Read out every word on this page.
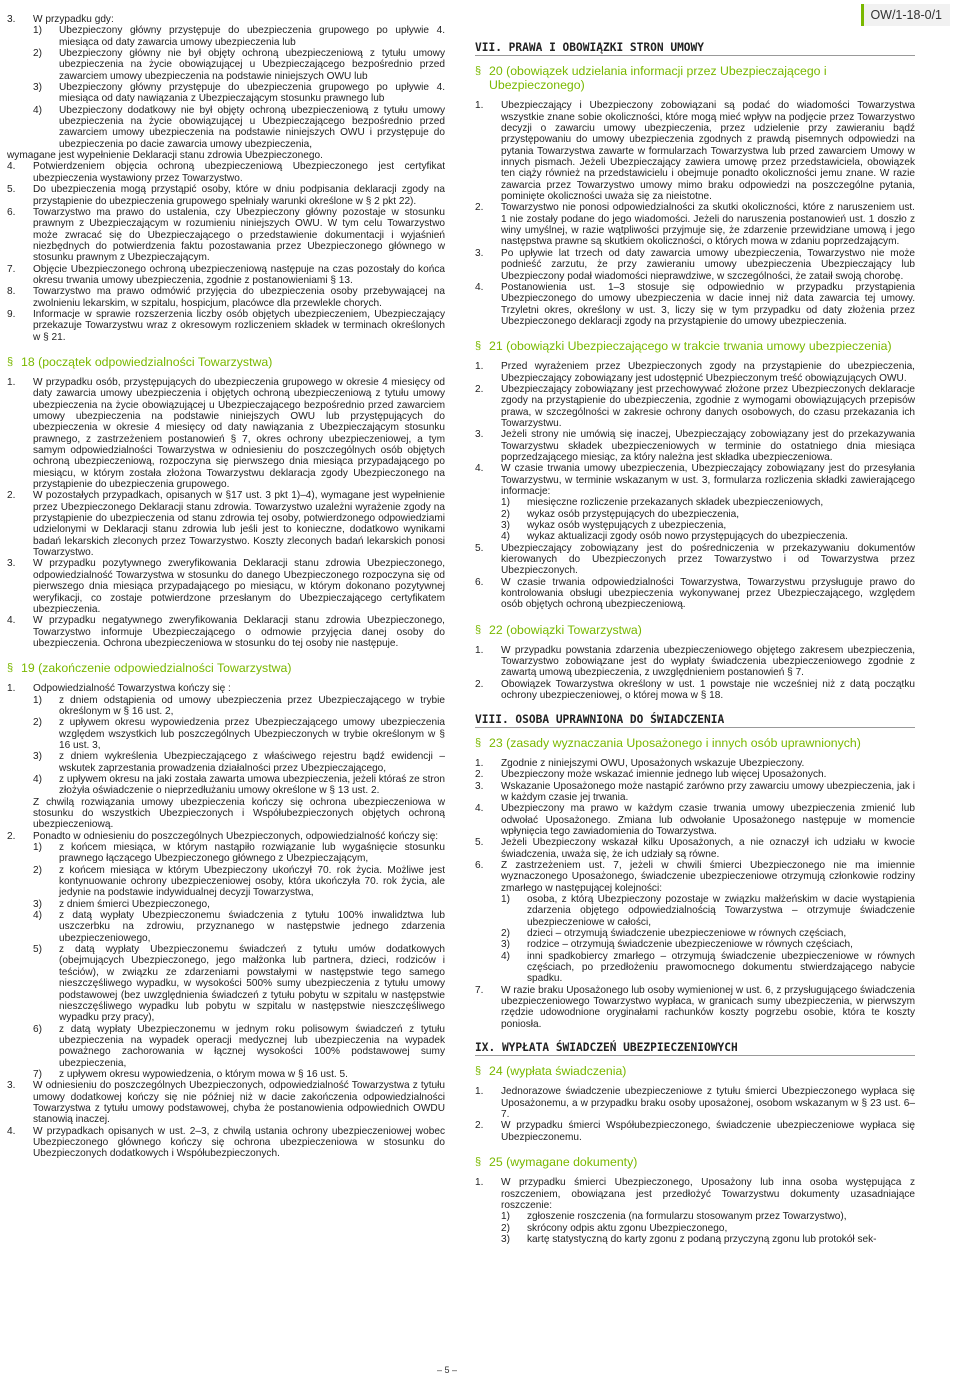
OW/1-18-0/1
3.	W przypadku gdy:
1)	Ubezpieczony główny przystępuje do ubezpieczenia grupowego po upływie 4. miesiąca od daty zawarcia umowy ubezpieczenia lub
2)	Ubezpieczony główny nie był objęty ochroną ubezpieczeniową z tytułu umowy ubezpieczenia na życie obowiązującej u Ubezpieczającego bezpośrednio przed zawarciem umowy ubezpieczenia na podstawie niniejszych OWU lub
3)	Ubezpieczony główny przystępuje do ubezpieczenia grupowego po upływie 4. miesiąca od daty nawiązania z Ubezpieczającym stosunku prawnego lub
4)	Ubezpieczony dodatkowy nie był objęty ochroną ubezpieczeniową z tytułu umowy ubezpieczenia na życie obowiązującej u Ubezpieczającego bezpośrednio przed zawarciem umowy ubezpieczenia na podstawie niniejszych OWU i przystępuje do ubezpieczenia po dacie zawarcia umowy ubezpieczenia,

wymagane jest wypełnienie Deklaracji stanu zdrowia Ubezpieczonego.

4.	Potwierdzeniem objęcia ochroną ubezpieczeniową Ubezpieczonego jest certyfikat ubezpieczenia wystawiony przez Towarzystwo.
5.	Do ubezpieczenia mogą przystąpić osoby, które w dniu podpisania deklaracji zgody na przystąpienie do ubezpieczenia grupowego spełniały warunki określone w § 2 pkt 22).
6.	Towarzystwo ma prawo do ustalenia, czy Ubezpieczony główny pozostaje w stosunku prawnym z Ubezpieczającym w rozumieniu niniejszych OWU. W tym celu Towarzystwo może zwracać się do Ubezpieczającego o przedstawienie dokumentacji i wyjaśnień niezbędnych do potwierdzenia faktu pozostawania przez Ubezpieczonego głównego w stosunku prawnym z Ubezpieczającym.
7.	Objęcie Ubezpieczonego ochroną ubezpieczeniową następuje na czas pozostały do końca okresu trwania umowy ubezpieczenia, zgodnie z postanowieniami § 13.
8.	Towarzystwo ma prawo odmówić przyjęcia do ubezpieczenia osoby przebywającej na zwolnieniu lekarskim, w szpitalu, hospicjum, placówce dla przewlekle chorych.
9.	Informacje w sprawie rozszerzenia liczby osób objętych ubezpieczeniem, Ubezpieczający przekazuje Towarzystwu wraz z okresowym rozliczeniem składek w terminach określonych w § 21.
§ 18 (początek odpowiedzialności Towarzystwa)
1.	W przypadku osób, przystępujących do ubezpieczenia grupowego w okresie 4 miesięcy od daty zawarcia umowy ubezpieczenia i objętych ochroną ubezpieczeniową z tytułu umowy ubezpieczenia na życie obowiązującej u Ubezpieczającego bezpośrednio przed zawarciem umowy ubezpieczenia na podstawie niniejszych OWU lub przystępujących do ubezpieczenia w okresie 4 miesięcy od daty nawiązania z Ubezpieczającym stosunku prawnego, z zastrzeżeniem postanowień § 7, okres ochrony ubezpieczeniowej, a tym samym odpowiedzialności Towarzystwa w odniesieniu do poszczególnych osób objętych ochroną ubezpieczeniową, rozpoczyna się pierwszego dnia miesiąca przypadającego po miesiącu, w którym została złożona Towarzystwu deklaracja zgody Ubezpieczonego na przystąpienie do ubezpieczenia grupowego.
2.	W pozostałych przypadkach, opisanych w §17 ust. 3 pkt 1)–4), wymagane jest wypełnienie przez Ubezpieczonego Deklaracji stanu zdrowia. Towarzystwo uzależni wyrażenie zgody na przystąpienie do ubezpieczenia od stanu zdrowia tej osoby, potwierdzonego odpowiedziami udzielonymi w Deklaracji stanu zdrowia lub jeśli jest to konieczne, dodatkowo wynikami badań lekarskich zleconych przez Towarzystwo. Koszty zleconych badań lekarskich ponosi Towarzystwo.
3.	W przypadku pozytywnego zweryfikowania Deklaracji stanu zdrowia Ubezpieczonego, odpowiedzialność Towarzystwa w stosunku do danego Ubezpieczonego rozpoczyna się od pierwszego dnia miesiąca przypadającego po miesiącu, w którym dokonano pozytywnej weryfikacji, co zostaje potwierdzone przesłanym do Ubezpieczającego certyfikatem ubezpieczenia.
4.	W przypadku negatywnego zweryfikowania Deklaracji stanu zdrowia Ubezpieczonego, Towarzystwo informuje Ubezpieczającego o odmowie przyjęcia danej osoby do ubezpieczenia. Ochrona ubezpieczeniowa w stosunku do tej osoby nie następuje.
§ 19 (zakończenie odpowiedzialności Towarzystwa)
1.	Odpowiedzialność Towarzystwa kończy się :
1)	z dniem odstąpienia od umowy ubezpieczenia przez Ubezpieczającego w trybie określonym w § 16 ust. 2,
2)	z upływem okresu wypowiedzenia przez Ubezpieczającego umowy ubezpieczenia względem wszystkich lub poszczególnych Ubezpieczonych w trybie określonym w § 16 ust. 3,
3)	z dniem wykreślenia Ubezpieczającego z właściwego rejestru bądź ewidencji – wskutek zaprzestania prowadzenia działalności przez Ubezpieczającego,
4)	z upływem okresu na jaki została zawarta umowa ubezpieczenia, jeżeli któraś ze stron złożyła oświadczenie o nieprzedłużaniu umowy określone w § 13 ust. 2.

Z chwilą rozwiązania umowy ubezpieczenia kończy się ochrona ubezpieczeniowa w stosunku do wszystkich Ubezpieczonych i Współubezpieczonych objętych ochroną ubezpieczeniową.

2.	Ponadto w odniesieniu do poszczególnych Ubezpieczonych, odpowiedzialność kończy się:
1)	z końcem miesiąca, w którym nastąpiło rozwiązanie lub wygaśnięcie stosunku prawnego łączącego Ubezpieczonego głównego z Ubezpieczającym,
2)	z końcem miesiąca w którym Ubezpieczony ukończył 70. rok życia. Możliwe jest kontynuowanie ochrony ubezpieczeniowej osoby, która ukończyła 70. rok życia, ale jedynie na podstawie indywidualnej decyzji Towarzystwa,
3)	z dniem śmierci Ubezpieczonego,
4)	z datą wypłaty Ubezpieczonemu świadczenia z tytułu 100% inwalidztwa lub uszczerbku na zdrowiu, przyznanego w następstwie jednego zdarzenia ubezpieczeniowego,
5)	z datą wypłaty Ubezpieczonemu świadczeń z tytułu umów dodatkowych (obejmujących Ubezpieczonego, jego małżonka lub partnera, dzieci, rodziców i teściów), w związku ze zdarzeniami powstałymi w następstwie tego samego nieszczęśliwego wypadku, w wysokości 500% sumy ubezpieczenia z tytułu umowy podstawowej (bez uwzględnienia świadczeń z tytułu pobytu w szpitalu w następstwie nieszczęśliwego wypadku lub pobytu w szpitalu w następstwie nieszczęśliwego wypadku przy pracy),
6)	z datą wypłaty Ubezpieczonemu w jednym roku polisowym świadczeń z tytułu ubezpieczenia na wypadek operacji medycznej lub ubezpieczenia na wypadek poważnego zachorowania w łącznej wysokości 100% podstawowej sumy ubezpieczenia,
7)	z upływem okresu wypowiedzenia, o którym mowa w § 16 ust. 5.
3.	W odniesieniu do poszczególnych Ubezpieczonych, odpowiedzialność Towarzystwa z tytułu umowy dodatkowej kończy się nie później niż w dacie zakończenia odpowiedzialności Towarzystwa z tytułu umowy podstawowej, chyba że postanowienia odpowiednich OWDU stanowią inaczej.
4.	W przypadkach opisanych w ust. 2–3, z chwilą ustania ochrony ubezpieczeniowej wobec Ubezpieczonego głównego kończy się ochrona ubezpieczeniowa w stosunku do Ubezpieczonych dodatkowych i Współubezpieczonych.
VII. PRAWA I OBOWIĄZKI STRON UMOWY
§ 20 (obowiązek udzielania informacji przez Ubezpieczającego i Ubezpieczonego)
1.	Ubezpieczający i Ubezpieczony zobowiązani są podać do wiadomości Towarzystwa wszystkie znane sobie okoliczności, które mogą mieć wpływ na podjęcie przez Towarzystwo decyzji o zawarciu umowy ubezpieczenia, przez udzielenie przy zawieraniu bądź przystępowaniu do umowy ubezpieczenia zgodnych z prawdą pisemnych odpowiedzi na pytania Towarzystwa zawarte w formularzach Towarzystwa lub przed zawarciem Umowy w innych pismach. Jeżeli Ubezpieczający zawiera umowę przez przedstawiciela, obowiązek ten ciąży również na przedstawicielu i obejmuje ponadto okoliczności jemu znane. W razie zawarcia przez Towarzystwo umowy mimo braku odpowiedzi na poszczególne pytania, pominięte okoliczności uważa się za nieistotne.
2.	Towarzystwo nie ponosi odpowiedzialności za skutki okoliczności, które z naruszeniem ust. 1 nie zostały podane do jego wiadomości. Jeżeli do naruszenia postanowień ust. 1 doszło z winy umyślnej, w razie wątpliwości przyjmuje się, że zdarzenie przewidziane umową i jego następstwa prawne są skutkiem okoliczności, o których mowa w zdaniu poprzedzającym.
3.	Po upływie lat trzech od daty zawarcia umowy ubezpieczenia, Towarzystwo nie może podnieść zarzutu, że przy zawieraniu umowy ubezpieczenia Ubezpieczający lub Ubezpieczony podał wiadomości nieprawdziwe, w szczególności, że zataił swoją chorobę.
4.	Postanowienia ust. 1–3 stosuje się odpowiednio w przypadku przystąpienia Ubezpieczonego do umowy ubezpieczenia w dacie innej niż data zawarcia tej umowy. Trzyletni okres, określony w ust. 3, liczy się w tym przypadku od daty złożenia przez Ubezpieczonego deklaracji zgody na przystąpienie do umowy ubezpieczenia.
§ 21 (obowiązki Ubezpieczającego w trakcie trwania umowy ubezpieczenia)
1.	Przed wyrażeniem przez Ubezpieczonych zgody na przystąpienie do ubezpieczenia, Ubezpieczający zobowiązany jest udostępnić Ubezpieczonym treść obowiązujących OWU.
2.	Ubezpieczający zobowiązany jest przechowywać złożone przez Ubezpieczonych deklaracje zgody na przystąpienie do ubezpieczenia, zgodnie z wymogami obowiązujących przepisów prawa, w szczególności w zakresie ochrony danych osobowych, do czasu przekazania ich Towarzystwu.
3.	Jeżeli strony nie umówią się inaczej, Ubezpieczający zobowiązany jest do przekazywania Towarzystwu składek ubezpieczeniowych w terminie do ostatniego dnia miesiąca poprzedzającego miesiąc, za który należna jest składka ubezpieczeniowa.
4.	W czasie trwania umowy ubezpieczenia, Ubezpieczający zobowiązany jest do przesyłania Towarzystwu, w terminie wskazanym w ust. 3, formularza rozliczenia składki zawierającego informacje:
1)	miesięczne rozliczenie przekazanych składek ubezpieczeniowych,
2)	wykaz osób przystępujących do ubezpieczenia,
3)	wykaz osób występujących z ubezpieczenia,
4)	wykaz aktualizacji zgody osób nowo przystępujących do ubezpieczenia.
5.	Ubezpieczający zobowiązany jest do pośredniczenia w przekazywaniu dokumentów kierowanych do Ubezpieczonych przez Towarzystwo i od Towarzystwa przez Ubezpieczonych.
6.	W czasie trwania odpowiedzialności Towarzystwa, Towarzystwu przysługuje prawo do kontrolowania obsługi ubezpieczenia wykonywanej przez Ubezpieczającego, względem osób objętych ochroną ubezpieczeniową.
§ 22 (obowiązki Towarzystwa)
1.	W przypadku powstania zdarzenia ubezpieczeniowego objętego zakresem ubezpieczenia, Towarzystwo zobowiązane jest do wypłaty świadczenia ubezpieczeniowego zgodnie z zawartą umową ubezpieczenia, z uwzględnieniem postanowień § 7.
2.	Obowiązek Towarzystwa określony w ust. 1 powstaje nie wcześniej niż z datą początku ochrony ubezpieczeniowej, o której mowa w § 18.
VIII. OSOBA UPRAWNIONA DO ŚWIADCZENIA
§ 23 (zasady wyznaczania Uposażonego i innych osób uprawnionych)
1.	Zgodnie z niniejszymi OWU, Uposażonych wskazuje Ubezpieczony.
2.	Ubezpieczony może wskazać imiennie jednego lub więcej Uposażonych.
3.	Wskazanie Uposażonego może nastąpić zarówno przy zawarciu umowy ubezpieczenia, jak i w każdym czasie jej trwania.
4.	Ubezpieczony ma prawo w każdym czasie trwania umowy ubezpieczenia zmienić lub odwołać Uposażonego. Zmiana lub odwołanie Uposażonego następuje w momencie wpłynięcia tego zawiadomienia do Towarzystwa.
5.	Jeżeli Ubezpieczony wskazał kilku Uposażonych, a nie oznaczył ich udziału w kwocie świadczenia, uważa się, że ich udziały są równe.
6.	Z zastrzeżeniem ust. 7, jeżeli w chwili śmierci Ubezpieczonego nie ma imiennie wyznaczonego Uposażonego, świadczenie ubezpieczeniowe otrzymują członkowie rodziny zmarłego w następującej kolejności:
1)	osoba, z którą Ubezpieczony pozostaje w związku małżeńskim w dacie wystąpienia zdarzenia objętego odpowiedzialnością Towarzystwa – otrzymuje świadczenie ubezpieczeniowe w całości,
2)	dzieci – otrzymują świadczenie ubezpieczeniowe w równych częściach,
3)	rodzice – otrzymują świadczenie ubezpieczeniowe w równych częściach,
4)	inni spadkobiercy zmarłego – otrzymują świadczenie ubezpieczeniowe w równych częściach, po przedłożeniu prawomocnego dokumentu stwierdzającego nabycie spadku.
7.	W razie braku Uposażonego lub osoby wymienionej w ust. 6, z przysługującego świadczenia ubezpieczeniowego Towarzystwo wypłaca, w granicach sumy ubezpieczenia, w pierwszym rzędzie udowodnione oryginałami rachunków koszty pogrzebu osobie, która te koszty poniosła.
IX. WYPŁATA ŚWIADCZEŃ UBEZPIECZENIOWYCH
§ 24 (wypłata świadczenia)
1.	Jednorazowe świadczenie ubezpieczeniowe z tytułu śmierci Ubezpieczonego wypłaca się Uposażonemu, a w przypadku braku osoby uposażonej, osobom wskazanym w § 23 ust. 6–7.
2.	W przypadku śmierci Współubezpieczonego, świadczenie ubezpieczeniowe wypłaca się Ubezpieczonemu.
§ 25 (wymagane dokumenty)
1.	W przypadku śmierci Ubezpieczonego, Uposażony lub inna osoba występująca z roszczeniem, obowiązana jest przedłożyć Towarzystwu dokumenty uzasadniające roszczenie:
1)	zgłoszenie roszczenia (na formularzu stosowanym przez Towarzystwo),
2)	skrócony odpis aktu zgonu Ubezpieczonego,
3)	kartę statystyczną do karty zgonu z podaną przyczyną zgonu lub protokół sek-
– 5 –
